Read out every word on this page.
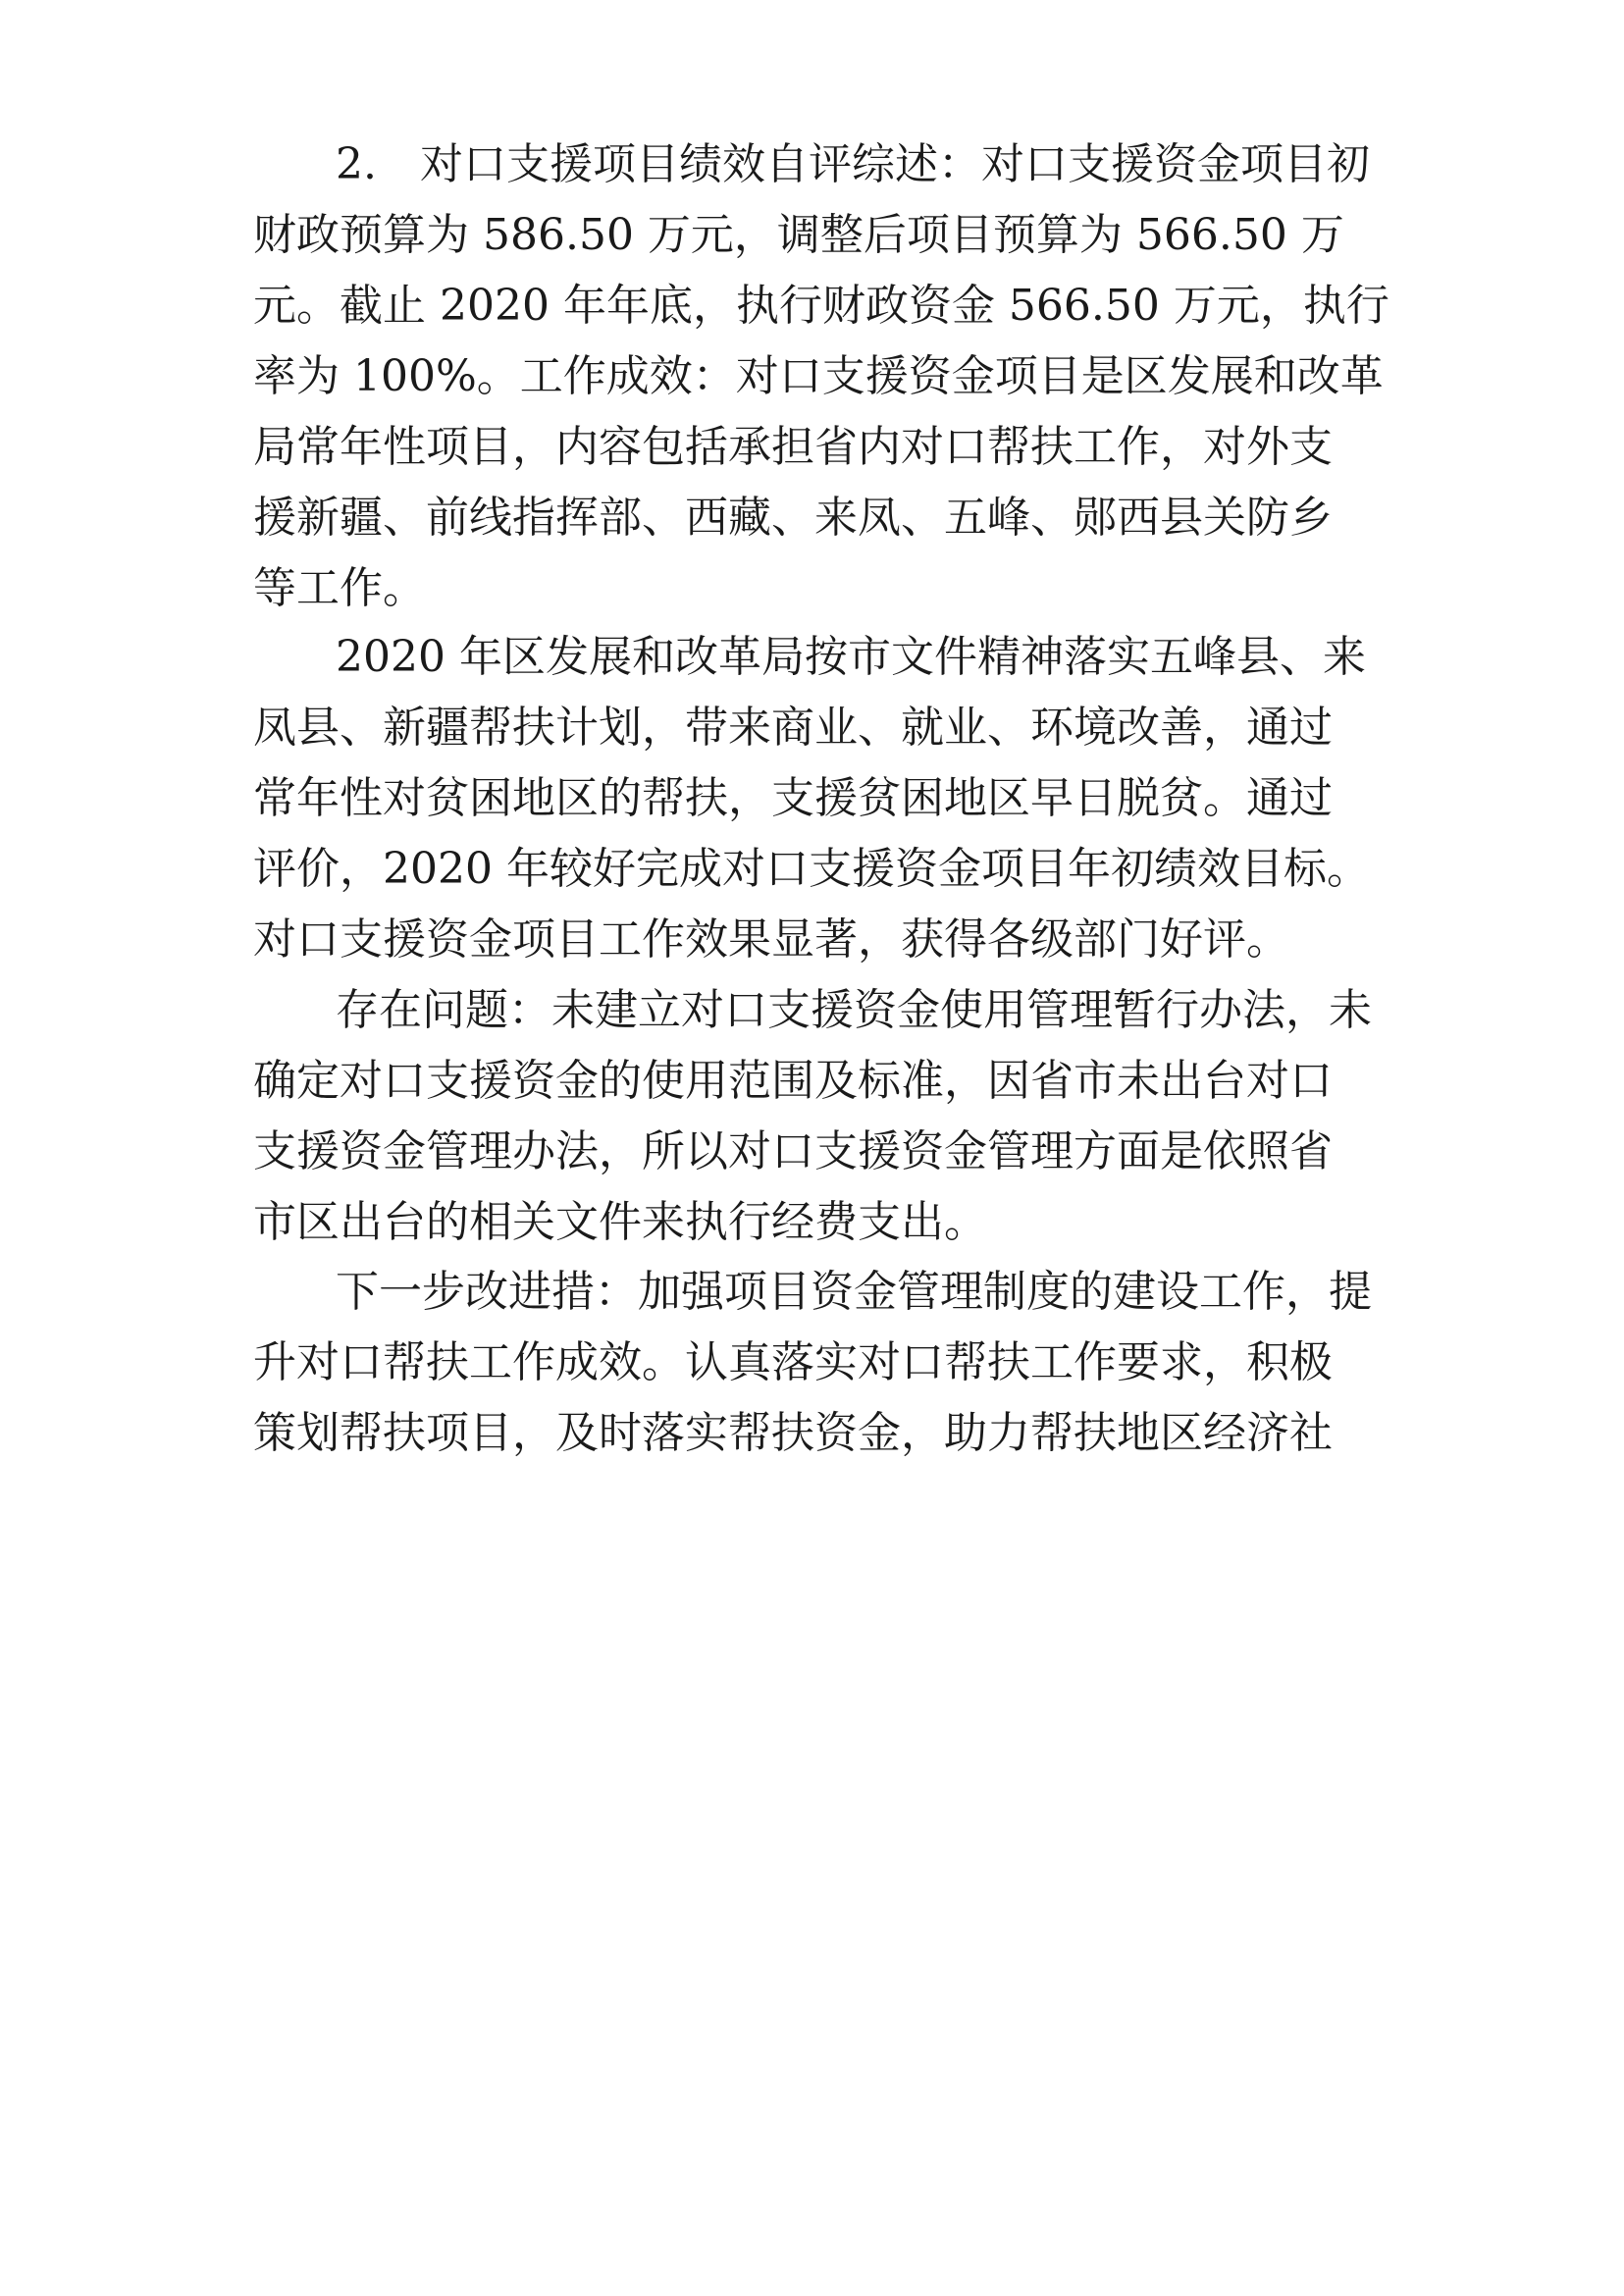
2.　对口支援项目绩效自评综述：对口支援资金项目初
财政预算为 586.50 万元，调整后项目预算为 566.50 万
元。截止 2020 年年底，执行财政资金 566.50 万元，执行
率为 100%。工作成效：对口支援资金项目是区发展和改革
局常年性项目，内容包括承担省内对口帮扶工作，对外支
援新疆、前线指挥部、西藏、来凤、五峰、郧西县关防乡
等工作。
2020 年区发展和改革局按市文件精神落实五峰县、来
凤县、新疆帮扶计划，带来商业、就业、环境改善，通过
常年性对贫困地区的帮扶，支援贫困地区早日脱贫。通过
评价，2020 年较好完成对口支援资金项目年初绩效目标。
对口支援资金项目工作效果显著，获得各级部门好评。
存在问题：未建立对口支援资金使用管理暂行办法，未
确定对口支援资金的使用范围及标准，因省市未出台对口
支援资金管理办法，所以对口支援资金管理方面是依照省
市区出台的相关文件来执行经费支出。
下一步改进措：加强项目资金管理制度的建设工作，提
升对口帮扶工作成效。认真落实对口帮扶工作要求，积极
策划帮扶项目，及时落实帮扶资金，助力帮扶地区经济社
